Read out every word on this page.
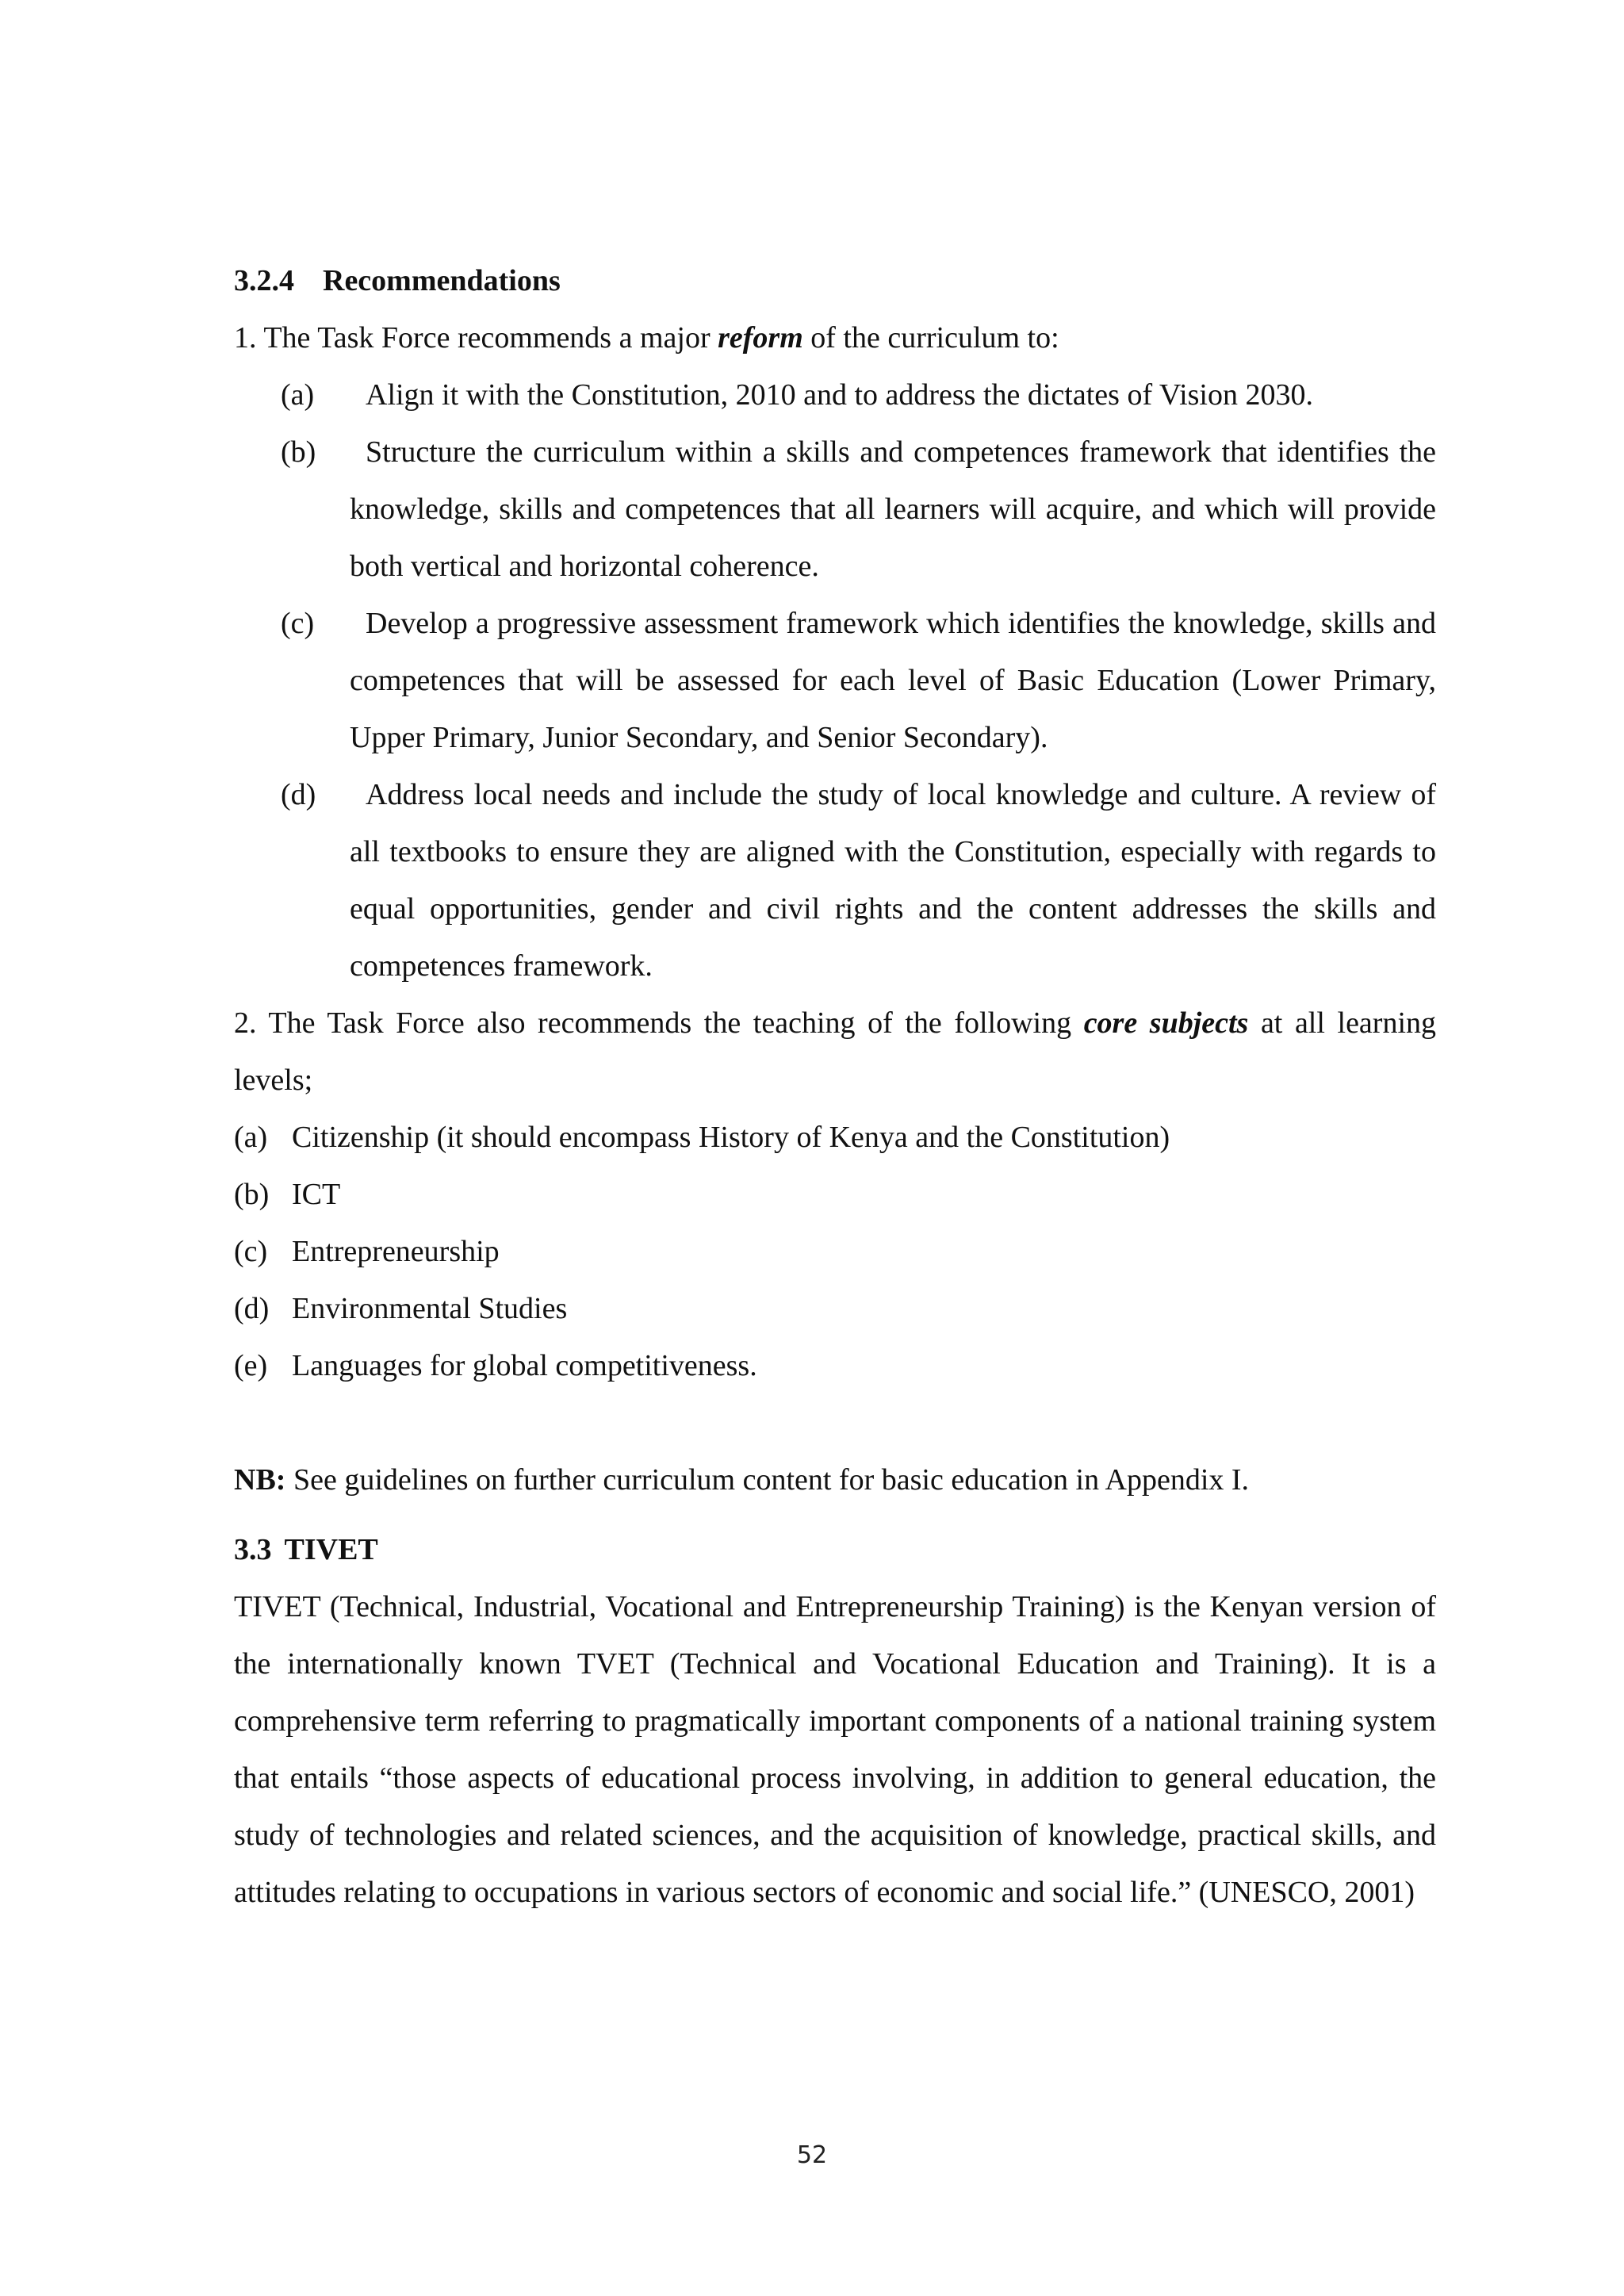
3.2.4 Recommendations
1. The Task Force recommends a major reform of the curriculum to:
(a)	Align it with the Constitution, 2010 and to address the dictates of Vision 2030.
(b)	Structure the curriculum within a skills and competences framework that identifies the knowledge, skills and competences that all learners will acquire, and which will provide both vertical and horizontal coherence.
(c)	Develop a progressive assessment framework which identifies the knowledge, skills and competences that will be assessed for each level of Basic Education (Lower Primary, Upper Primary, Junior Secondary, and Senior Secondary).
(d)	Address local needs and include the study of local knowledge and culture. A review of all textbooks to ensure they are aligned with the Constitution, especially with regards to equal opportunities, gender and civil rights and the content addresses the skills and competences framework.
2. The Task Force also recommends the teaching of the following core subjects at all learning levels;
(a) Citizenship (it should encompass History of Kenya and the Constitution)
(b) ICT
(c) Entrepreneurship
(d) Environmental Studies
(e) Languages for global competitiveness.
NB: See guidelines on further curriculum content for basic education in Appendix I.
3.3 TIVET
TIVET (Technical, Industrial, Vocational and Entrepreneurship Training) is the Kenyan version of the internationally known TVET (Technical and Vocational Education and Training). It is a comprehensive term referring to pragmatically important components of a national training system that entails “those aspects of educational process involving, in addition to general education, the study of technologies and related sciences, and the acquisition of knowledge, practical skills, and attitudes relating to occupations in various sectors of economic and social life.” (UNESCO, 2001)
52
